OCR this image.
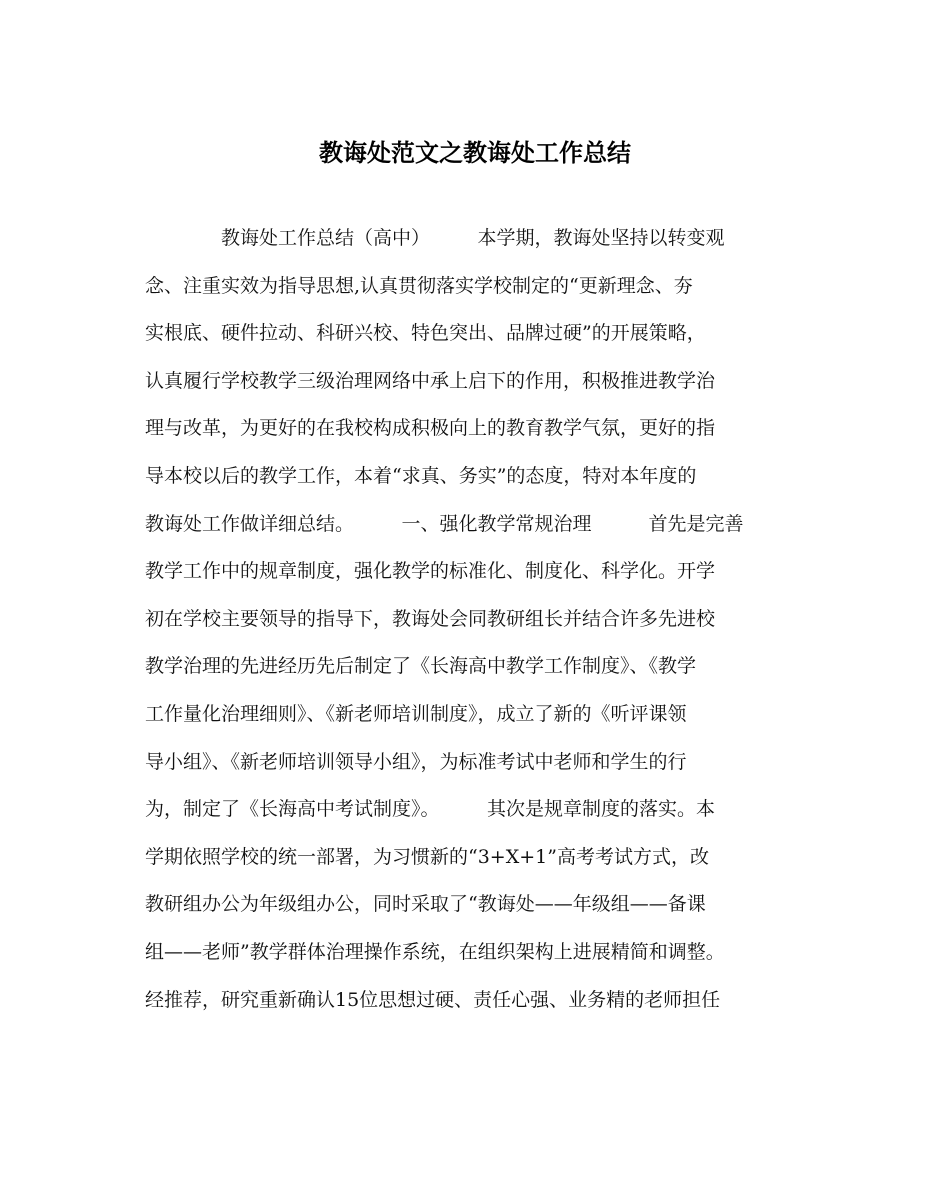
教诲处范文之教诲处工作总结
　　　　教诲处工作总结（高中）　　　本学期，教诲处坚持以转变观
念、注重实效为指导思想,认真贯彻落实学校制定的“更新理念、夯
实根底、硬件拉动、科研兴校、特色突出、品牌过硬”的开展策略，
认真履行学校教学三级治理网络中承上启下的作用，积极推进教学治
理与改革，为更好的在我校构成积极向上的教育教学气氛，更好的指
导本校以后的教学工作，本着“求真、务实”的态度，特对本年度的
教诲处工作做详细总结。　　　一、强化教学常规治理　　　首先是完善
教学工作中的规章制度，强化教学的标准化、制度化、科学化。开学
初在学校主要领导的指导下，教诲处会同教研组长并结合许多先进校
教学治理的先进经历先后制定了《长海高中教学工作制度》、《教学
工作量化治理细则》、《新老师培训制度》，成立了新的《听评课领
导小组》、《新老师培训领导小组》，为标准考试中老师和学生的行
为，制定了《长海高中考试制度》。　　　其次是规章制度的落实。本
学期依照学校的统一部署，为习惯新的“3+X+1”高考考试方式，改
教研组办公为年级组办公，同时采取了“教诲处——年级组——备课
组——老师”教学群体治理操作系统，在组织架构上进展精简和调整。
经推荐，研究重新确认15位思想过硬、责任心强、业务精的老师担任
